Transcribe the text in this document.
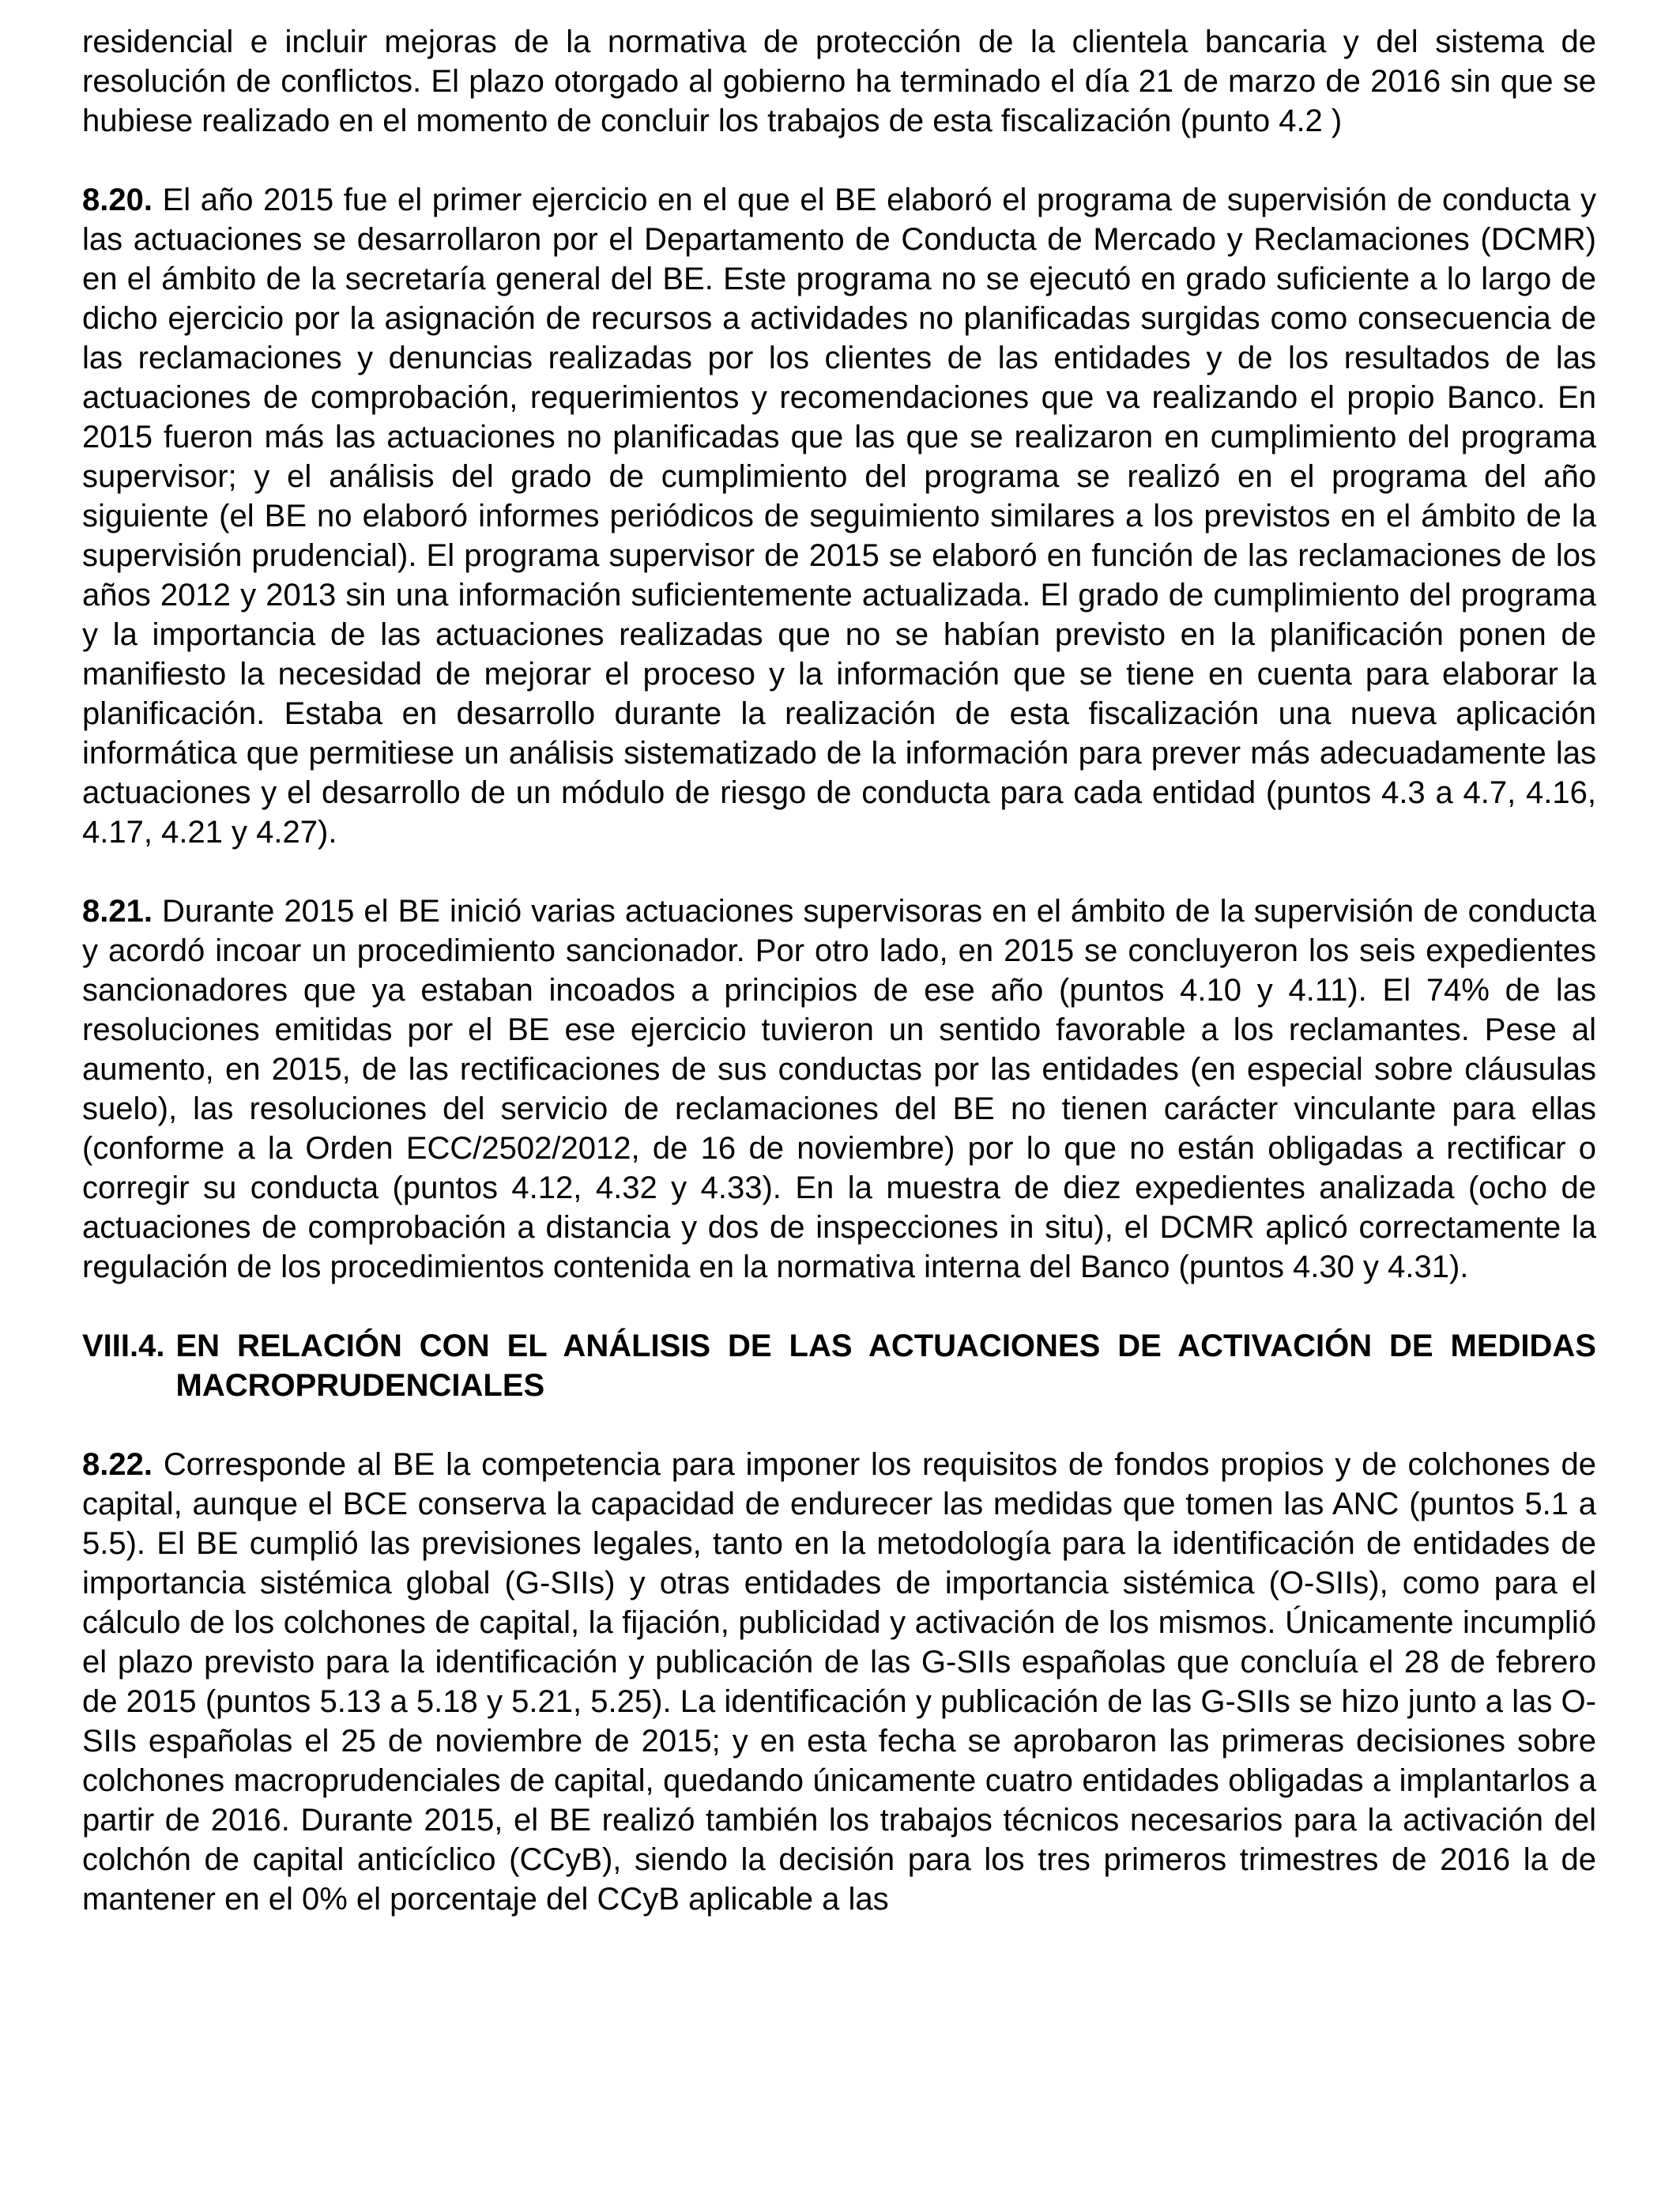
residencial e incluir mejoras de la normativa de protección de la clientela bancaria y del sistema de resolución de conflictos. El plazo otorgado al gobierno ha terminado el día 21 de marzo de 2016 sin que se hubiese realizado en el momento de concluir los trabajos de esta fiscalización (punto 4.2 )

8.20. El año 2015 fue el primer ejercicio en el que el BE elaboró el programa de supervisión de conducta y las actuaciones se desarrollaron por el Departamento de Conducta de Mercado y Reclamaciones (DCMR) en el ámbito de la secretaría general del BE. Este programa no se ejecutó en grado suficiente a lo largo de dicho ejercicio por la asignación de recursos a actividades no planificadas surgidas como consecuencia de las reclamaciones y denuncias realizadas por los clientes de las entidades y de los resultados de las actuaciones de comprobación, requerimientos y recomendaciones que va realizando el propio Banco. En 2015 fueron más las actuaciones no planificadas que las que se realizaron en cumplimiento del programa supervisor; y el análisis del grado de cumplimiento del programa se realizó en el programa del año siguiente (el BE no elaboró informes periódicos de seguimiento similares a los previstos en el ámbito de la supervisión prudencial). El programa supervisor de 2015 se elaboró en función de las reclamaciones de los años 2012 y 2013 sin una información suficientemente actualizada. El grado de cumplimiento del programa y la importancia de las actuaciones realizadas que no se habían previsto en la planificación ponen de manifiesto la necesidad de mejorar el proceso y la información que se tiene en cuenta para elaborar la planificación. Estaba en desarrollo durante la realización de esta fiscalización una nueva aplicación informática que permitiese un análisis sistematizado de la información para prever más adecuadamente las actuaciones y el desarrollo de un módulo de riesgo de conducta para cada entidad (puntos 4.3 a 4.7, 4.16, 4.17, 4.21 y 4.27).

8.21. Durante 2015 el BE inició varias actuaciones supervisoras en el ámbito de la supervisión de conducta y acordó incoar un procedimiento sancionador. Por otro lado, en 2015 se concluyeron los seis expedientes sancionadores que ya estaban incoados a principios de ese año (puntos 4.10 y 4.11). El 74% de las resoluciones emitidas por el BE ese ejercicio tuvieron un sentido favorable a los reclamantes. Pese al aumento, en 2015, de las rectificaciones de sus conductas por las entidades (en especial sobre cláusulas suelo), las resoluciones del servicio de reclamaciones del BE no tienen carácter vinculante para ellas (conforme a la Orden ECC/2502/2012, de 16 de noviembre) por lo que no están obligadas a rectificar o corregir su conducta (puntos 4.12, 4.32 y 4.33). En la muestra de diez expedientes analizada (ocho de actuaciones de comprobación a distancia y dos de inspecciones in situ), el DCMR aplicó correctamente la regulación de los procedimientos contenida en la normativa interna del Banco (puntos 4.30 y 4.31).

VIII.4. EN RELACIÓN CON EL ANÁLISIS DE LAS ACTUACIONES DE ACTIVACIÓN DE MEDIDAS MACROPRUDENCIALES

8.22. Corresponde al BE la competencia para imponer los requisitos de fondos propios y de colchones de capital, aunque el BCE conserva la capacidad de endurecer las medidas que tomen las ANC (puntos 5.1 a 5.5). El BE cumplió las previsiones legales, tanto en la metodología para la identificación de entidades de importancia sistémica global (G-SIIs) y otras entidades de importancia sistémica (O-SIIs), como para el cálculo de los colchones de capital, la fijación, publicidad y activación de los mismos. Únicamente incumplió el plazo previsto para la identificación y publicación de las G-SIIs españolas que concluía el 28 de febrero de 2015 (puntos 5.13 a 5.18 y 5.21, 5.25). La identificación y publicación de las G-SIIs se hizo junto a las O-SIIs españolas el 25 de noviembre de 2015; y en esta fecha se aprobaron las primeras decisiones sobre colchones macroprudenciales de capital, quedando únicamente cuatro entidades obligadas a implantarlos a partir de 2016. Durante 2015, el BE realizó también los trabajos técnicos necesarios para la activación del colchón de capital anticíclico (CCyB), siendo la decisión para los tres primeros trimestres de 2016 la de mantener en el 0% el porcentaje del CCyB aplicable a las
